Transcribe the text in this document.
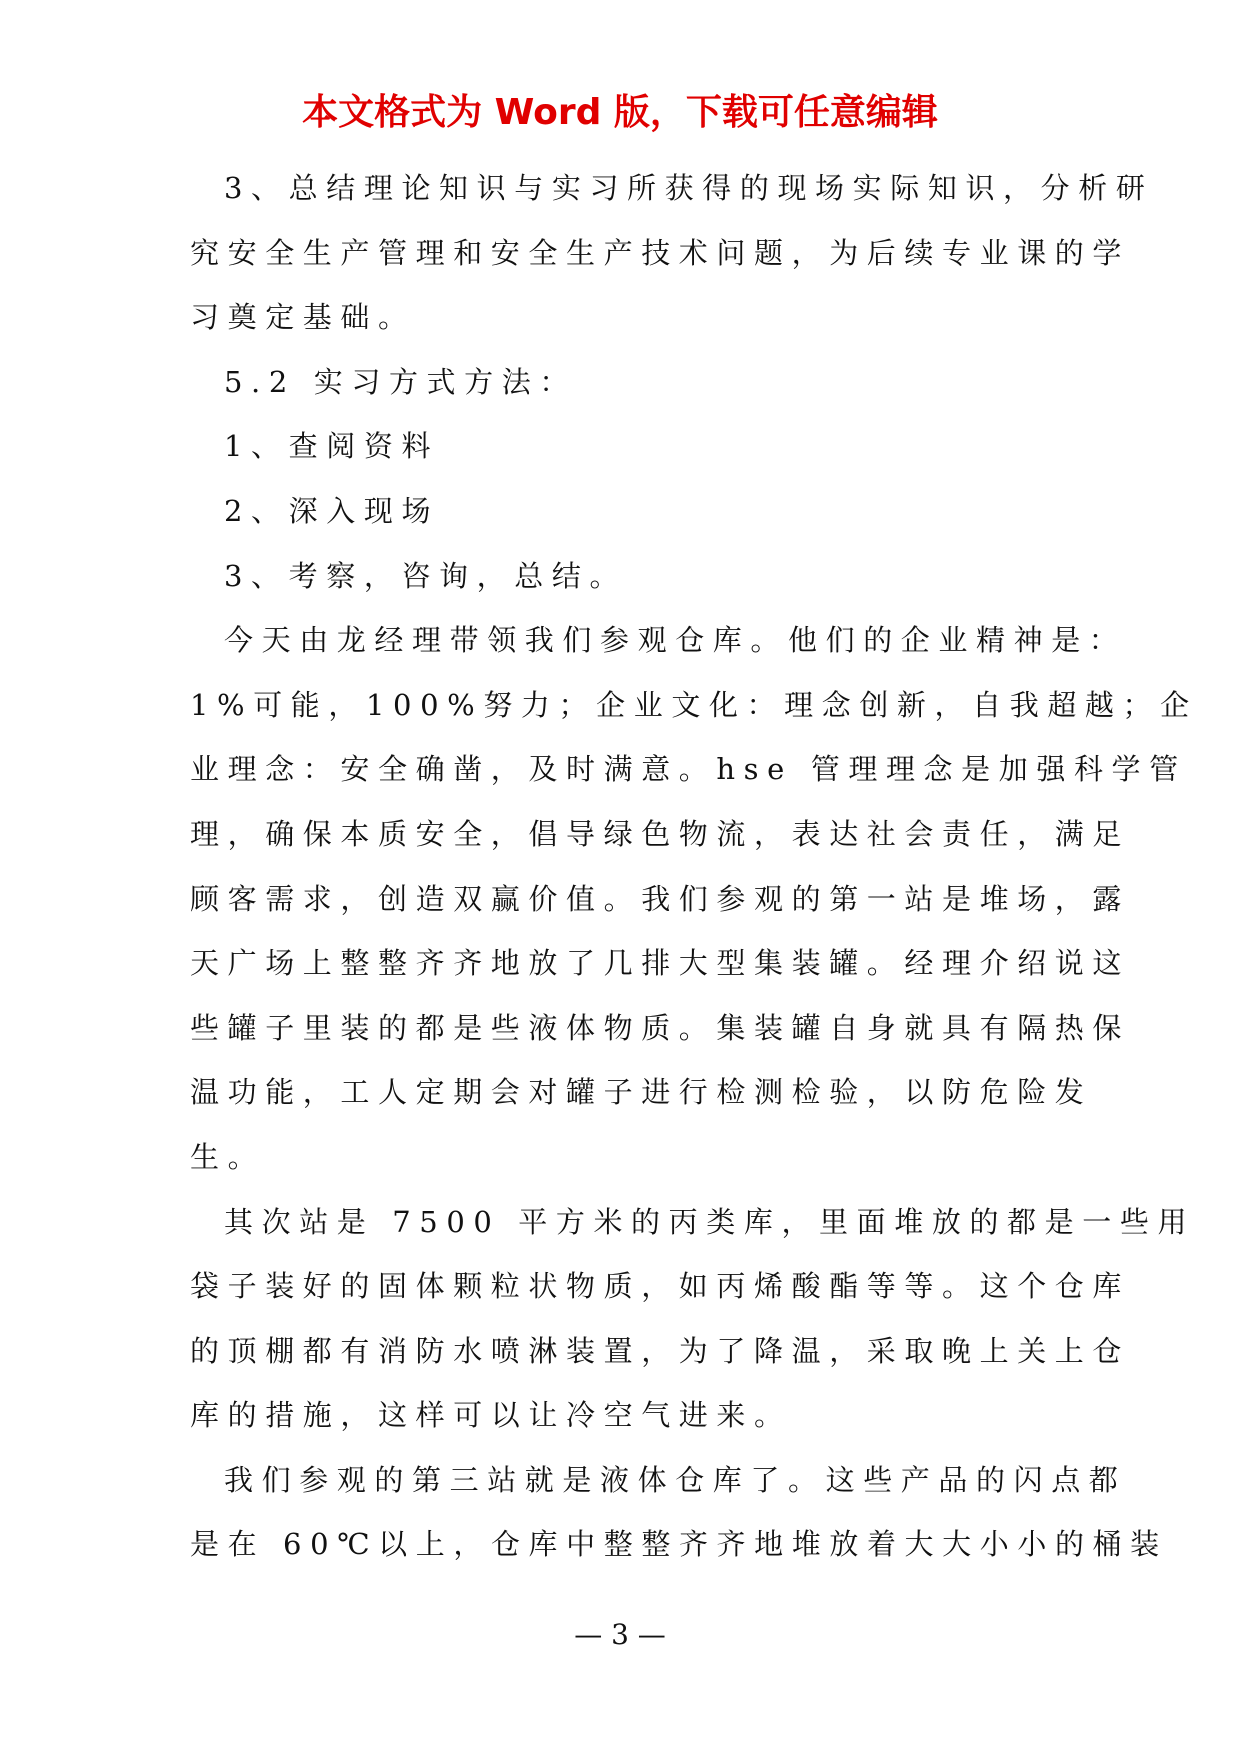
本文格式为 Word 版，下载可任意编辑
3、总结理论知识与实习所获得的现场实际知识，分析研
究安全生产管理和安全生产技术问题，为后续专业课的学
习奠定基础。
5.2 实习方式方法：
1、查阅资料
2、深入现场
3、考察，咨询，总结。
今天由龙经理带领我们参观仓库。他们的企业精神是：
1%可能，100%努力；企业文化：理念创新，自我超越；企
业理念：安全确凿，及时满意。hse 管理理念是加强科学管
理，确保本质安全，倡导绿色物流，表达社会责任，满足
顾客需求，创造双赢价值。我们参观的第一站是堆场，露
天广场上整整齐齐地放了几排大型集装罐。经理介绍说这
些罐子里装的都是些液体物质。集装罐自身就具有隔热保
温功能，工人定期会对罐子进行检测检验，以防危险发
生。
其次站是 7500 平方米的丙类库，里面堆放的都是一些用
袋子装好的固体颗粒状物质，如丙烯酸酯等等。这个仓库
的顶棚都有消防水喷淋装置，为了降温，采取晚上关上仓
库的措施，这样可以让冷空气进来。
我们参观的第三站就是液体仓库了。这些产品的闪点都
是在 60℃以上，仓库中整整齐齐地堆放着大大小小的桶装
— 3 —
